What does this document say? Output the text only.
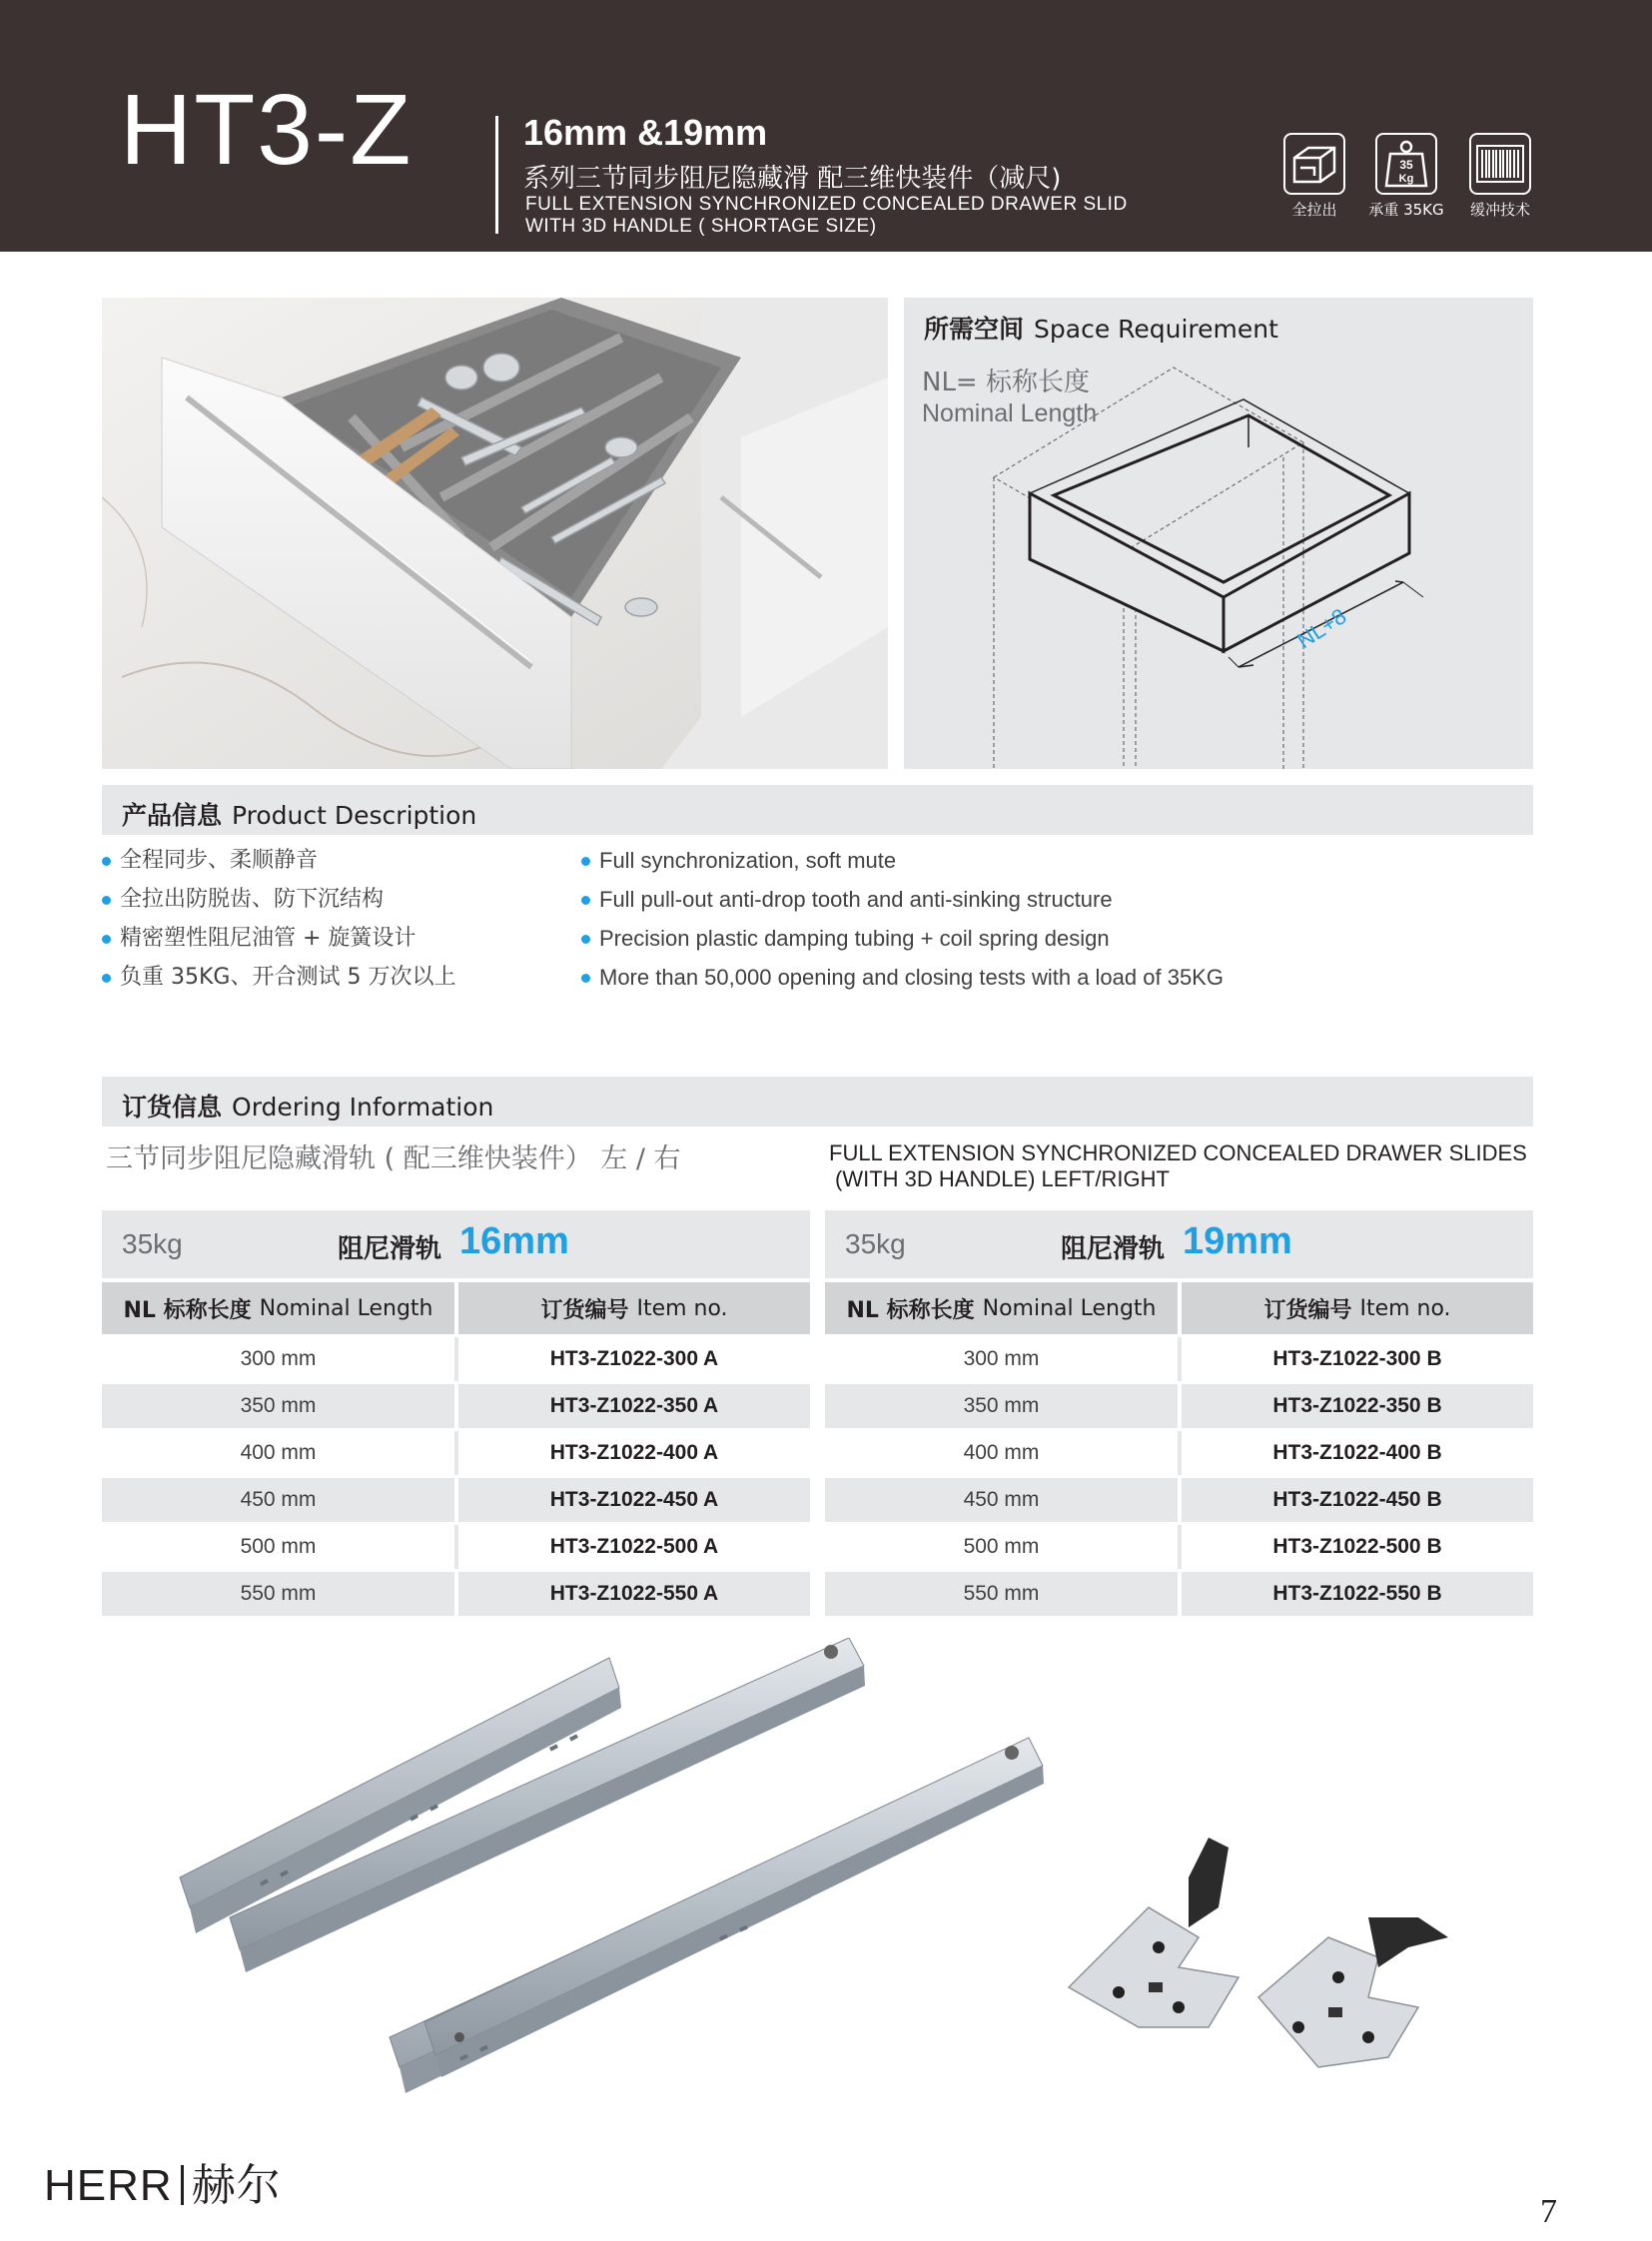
HT3-Z	16mm &19mm
系列三节同步阻尼隐藏滑 配三维快装件（减尺)
FULL EXTENSION SYNCHRONIZED CONCEALED DRAWER SLID
WITH 3D HANDLE ( SHORTAGE SIZE)
全拉出
35
Kg
承重 35KG	缓冲技术
NL+8
所需空间 Space Requirement
NL= 标称长度
Nominal Length
产品信息 Product Description
全程同步、柔顺静音
全拉出防脱齿、防下沉结构
精密塑性阻尼油管 + 旋簧设计
负重 35KG、开合测试 5 万次以上
Full synchronization, soft mute
Full pull-out anti-drop tooth and anti-sinking structure
Precision plastic damping tubing + coil spring design
More than 50,000 opening and closing tests with a load of 35KG
订货信息 Ordering Information
三节同步阻尼隐藏滑轨 ( 配三维快装件） 左 / 右	FULL EXTENSION SYNCHRONIZED CONCEALED DRAWER SLIDES
(WITH 3D HANDLE) LEFT/RIGHT
35kg	阻尼滑轨 16mm
NL 标称长度 Nominal Length	订货编号 Item no.
300 mm	HT3-Z1022-300 A
350 mm	HT3-Z1022-350 A
400 mm	HT3-Z1022-400 A
450 mm	HT3-Z1022-450 A
500 mm	HT3-Z1022-500 A
550 mm	HT3-Z1022-550 A
35kg	阻尼滑轨 19mm
NL 标称长度 Nominal Length	订货编号 Item no.
300 mm	HT3-Z1022-300 B
350 mm	HT3-Z1022-350 B
400 mm	HT3-Z1022-400 B
450 mm	HT3-Z1022-450 B
500 mm	HT3-Z1022-500 B
550 mm	HT3-Z1022-550 B
HERR 赫尔
7
